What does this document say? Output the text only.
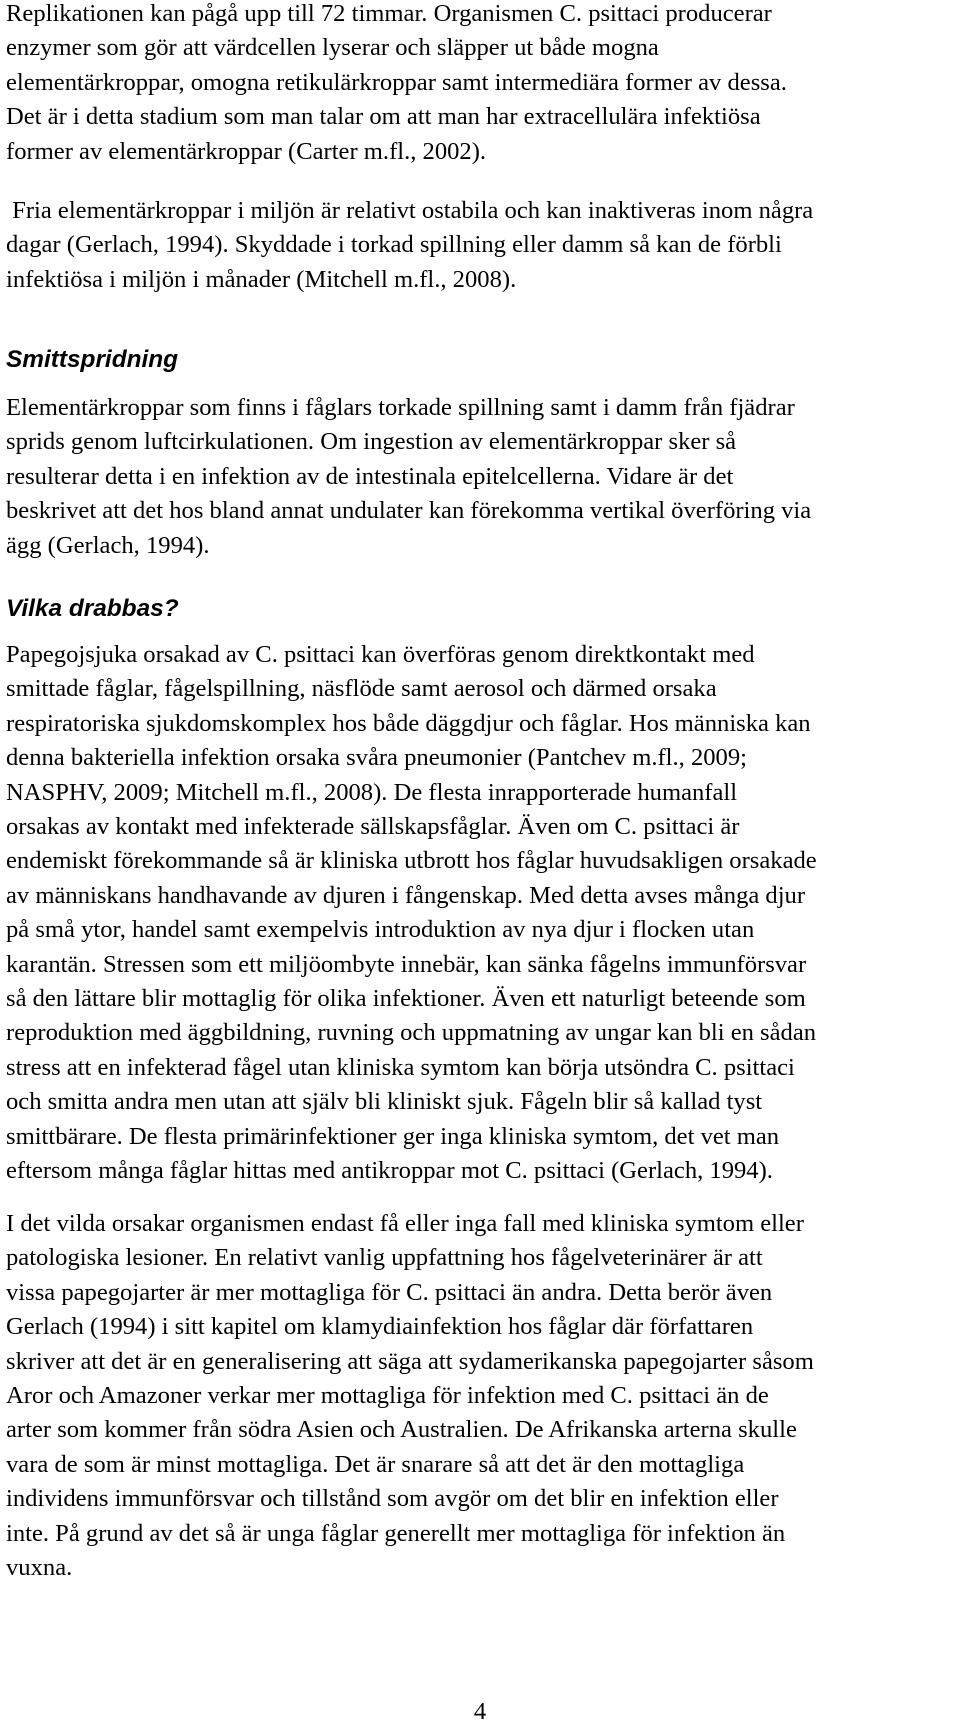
Replikationen kan pågå upp till 72 timmar. Organismen C. psittaci producerar
enzymer som gör att värdcellen lyserar och släpper ut både mogna
elementärkroppar, omogna retikulärkroppar samt intermediära former av dessa.
Det är i detta stadium som man talar om att man har extracellulära infektiösa
former av elementärkroppar (Carter m.fl., 2002).

Fria elementärkroppar i miljön är relativt ostabila och kan inaktiveras inom några
dagar (Gerlach, 1994). Skyddade i torkad spillning eller damm så kan de förbli
infektiösa i miljön i månader (Mitchell m.fl., 2008).

Smittspridning

Elementärkroppar som finns i fåglars torkade spillning samt i damm från fjädrar
sprids genom luftcirkulationen. Om ingestion av elementärkroppar sker så
resulterar detta i en infektion av de intestinala epitelcellerna. Vidare är det
beskrivet att det hos bland annat undulater kan förekomma vertikal överföring via
ägg (Gerlach, 1994).

Vilka drabbas?

Papegojsjuka orsakad av C. psittaci kan överföras genom direktkontakt med
smittade fåglar, fågelspillning, näsflöde samt aerosol och därmed orsaka
respiratoriska sjukdomskomplex hos både däggdjur och fåglar. Hos människa kan
denna bakteriella infektion orsaka svåra pneumonier (Pantchev m.fl., 2009;
NASPHV, 2009; Mitchell m.fl., 2008). De flesta inrapporterade humanfall
orsakas av kontakt med infekterade sällskapsfåglar. Även om C. psittaci är
endemiskt förekommande så är kliniska utbrott hos fåglar huvudsakligen orsakade
av människans handhavande av djuren i fångenskap. Med detta avses många djur
på små ytor, handel samt exempelvis introduktion av nya djur i flocken utan
karantän. Stressen som ett miljöombyte innebär, kan sänka fågelns immunförsvar
så den lättare blir mottaglig för olika infektioner. Även ett naturligt beteende som
reproduktion med äggbildning, ruvning och uppmatning av ungar kan bli en sådan
stress att en infekterad fågel utan kliniska symtom kan börja utsöndra C. psittaci
och smitta andra men utan att själv bli kliniskt sjuk. Fågeln blir så kallad tyst
smittbärare. De flesta primärinfektioner ger inga kliniska symtom, det vet man
eftersom många fåglar hittas med antikroppar mot C. psittaci (Gerlach, 1994).

I det vilda orsakar organismen endast få eller inga fall med kliniska symtom eller
patologiska lesioner. En relativt vanlig uppfattning hos fågelveterinärer är att
vissa papegojarter är mer mottagliga för C. psittaci än andra. Detta berör även
Gerlach (1994) i sitt kapitel om klamydiainfektion hos fåglar där författaren
skriver att det är en generalisering att säga att sydamerikanska papegojarter såsom
Aror och Amazoner verkar mer mottagliga för infektion med C. psittaci än de
arter som kommer från södra Asien och Australien. De Afrikanska arterna skulle
vara de som är minst mottagliga. Det är snarare så att det är den mottagliga
individens immunförsvar och tillstånd som avgör om det blir en infektion eller
inte. På grund av det så är unga fåglar generellt mer mottagliga för infektion än
vuxna.

4
